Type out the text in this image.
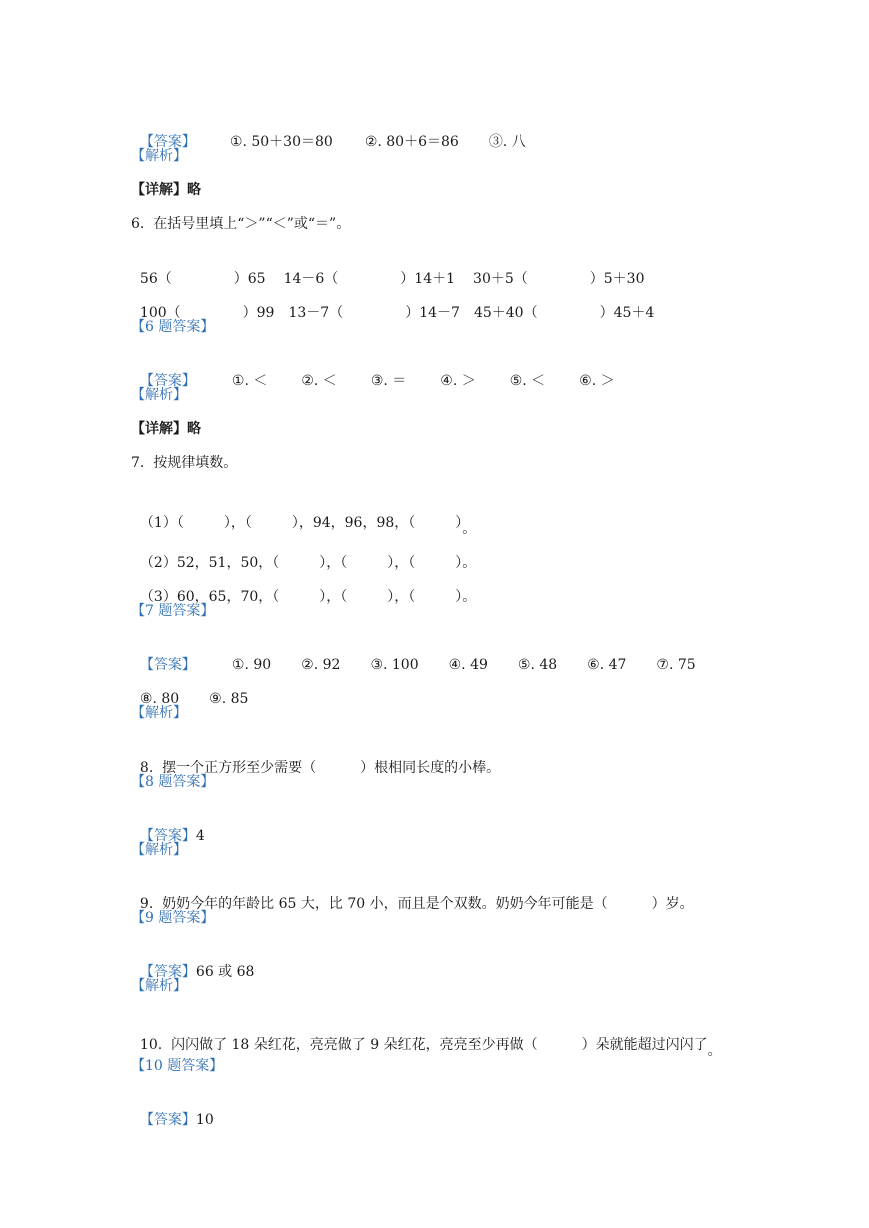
【答案】 ①. 50＋30＝80 ②. 80＋6＝86 ③. 八

【解析】
【详解】略
6.  在括号里填上“＞”“＜”或“＝”。

56（	）65 14－6（	）14＋1 30＋5（	）5＋30

100（	）99 13－7（	）14－7 45＋40（	）45＋4

【6 题答案】

【答案】	①. ＜ ②. ＜ ③. ＝ ④. ＞ ⑤. ＜ ⑥. ＞

【解析】
【详解】略
7.  按规律填数。

（1）（	），（	），94，96，98，（	）。

（2）52，51，50，（	），（	），（	）。

（3）60，65，70，（	），（	），（	）。

【7 题答案】

【答案】	①. 90 ②. 92 ③. 100 ④. 49 ⑤. 48 ⑥. 47 ⑦. 75

⑧. 80 ⑨. 85

【解析】

8.  摆一个正方形至少需要（	）根相同长度的小棒。

【8 题答案】

【答案】4

【解析】

9.  奶奶今年的年龄比 65 大，比 70 小，而且是个双数。奶奶今年可能是（	）岁。

【9 题答案】

【答案】66 或 68

【解析】

10.  闪闪做了 18 朵红花，亮亮做了 9 朵红花，亮亮至少再做（	）朵就能超过闪闪了。

【10 题答案】

【答案】10
